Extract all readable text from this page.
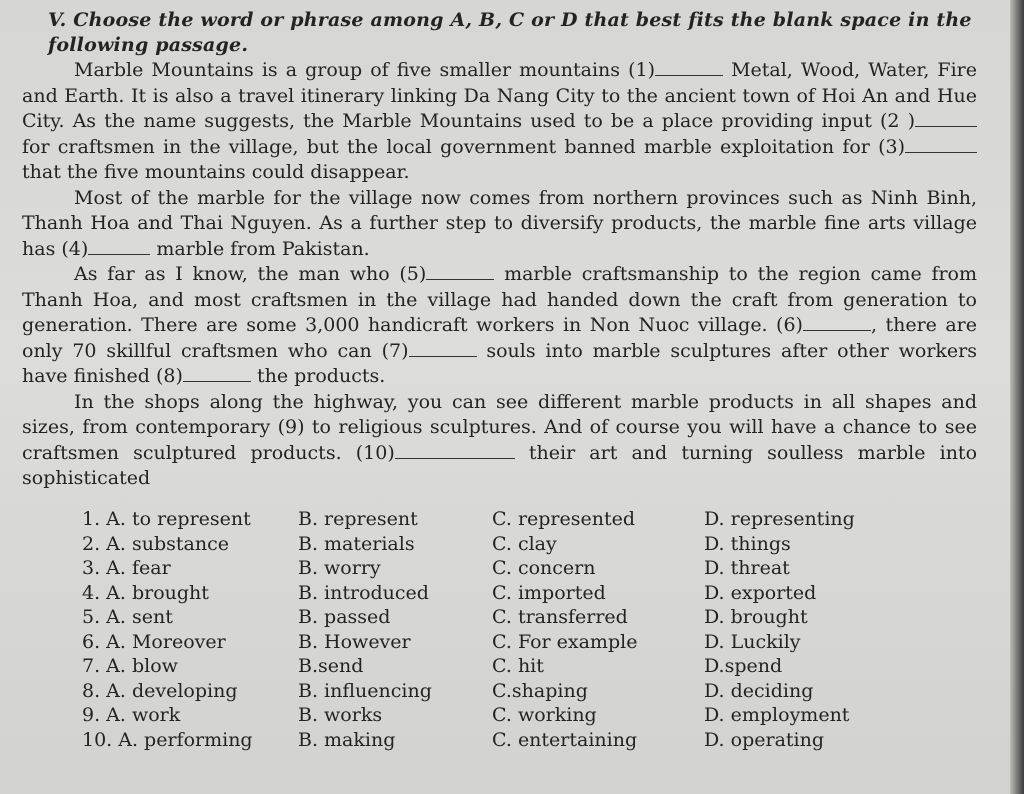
V. Choose the word or phrase among A, B, C or D that best fits the blank space in the following passage.

Marble Mountains is a group of five smaller mountains (1)	Metal, Wood, Water, Fire and Earth. It is also a travel itinerary linking Da Nang City to the ancient town of Hoi An and Hue City. As the name suggests, the Marble Mountains used to be a place providing input (2 ) for craftsmen in the village, but the local government banned marble exploitation for (3) that the five mountains could disappear.

Most of the marble for the village now comes from northern provinces such as Ninh Binh, Thanh Hoa and Thai Nguyen. As a further step to diversify products, the marble fine arts village has (4)	marble from Pakistan.

As far as I know, the man who (5)	marble craftsmanship to the region came from Thanh Hoa, and most craftsmen in the village had handed down the craft from generation to generation. There are some 3,000 handicraft workers in Non Nuoc village. (6)	, there are only 70 skillful craftsmen who can (7)	souls into marble sculptures after other workers have finished (8)	the products.

In the shops along the highway, you can see different marble products in all shapes and sizes, from contemporary (9) to religious sculptures. And of course you will have a chance to see craftsmen sculptured products. (10)	their art and turning soulless marble into sophisticated

1. A. to represent B. represent	C. represented	D. representing
2. A. substance	B. materials	C. clay	D. things
3. A. fear	B. worry	C. concern	D. threat
4. A. brought	B. introduced	C. imported	D. exported
5. A. sent	B. passed	C. transferred	D. brought
6. A. Moreover	B. However	C. For example	D. Luckily
7. A. blow	B.send	C. hit	D.spend
8. A. developing	B. influencing	C.shaping	D. deciding
9. A. work	B. works	C. working	D. employment
10. A. performing B. making	C. entertaining	D. operating
